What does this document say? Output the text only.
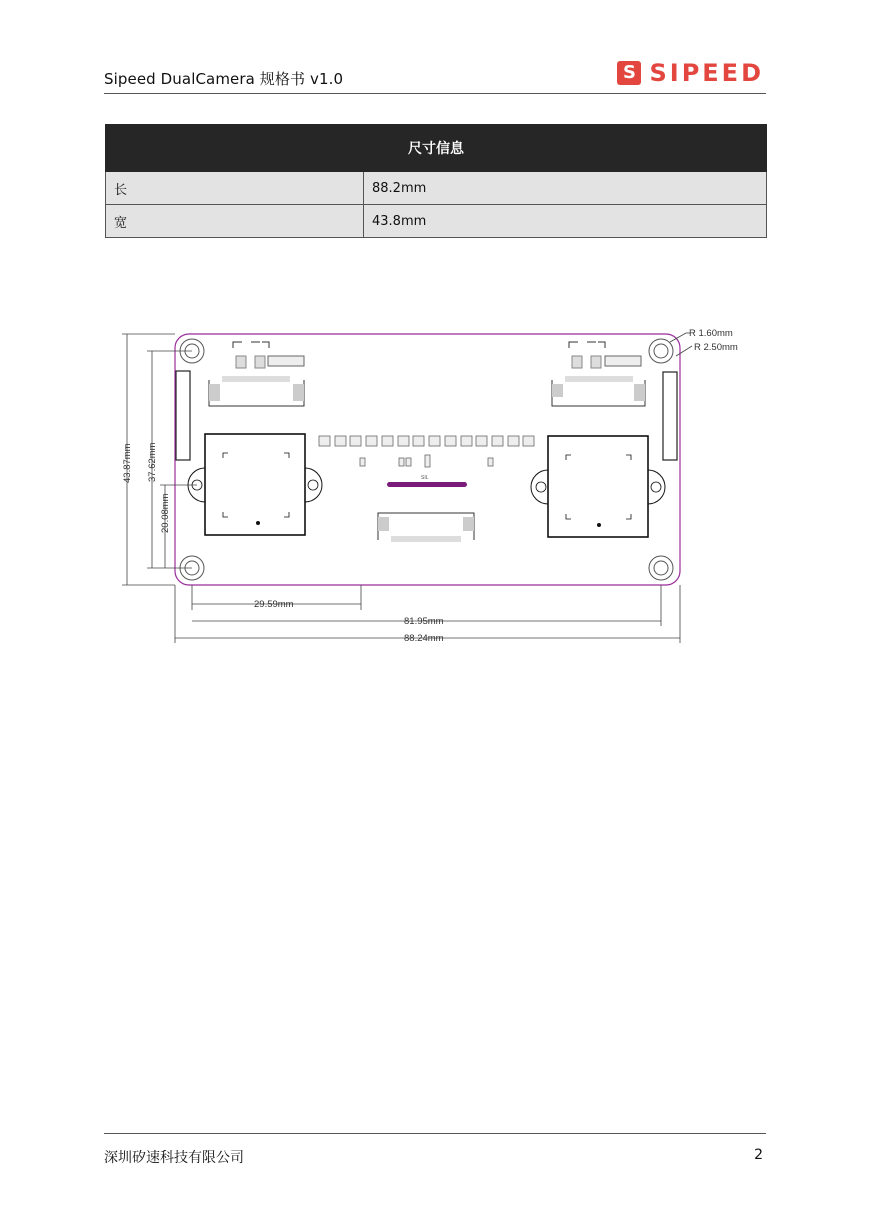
Sipeed DualCamera 规格书 v1.0	S SIPEED
尺寸信息	
长	88.2mm
宽	43.8mm
SIL
R 1.60mm
R 2.50mm
43.87mm 37.62mm
20.08mm
29.59mm
81.95mm
88.24mm
深圳矽速科技有限公司	2
